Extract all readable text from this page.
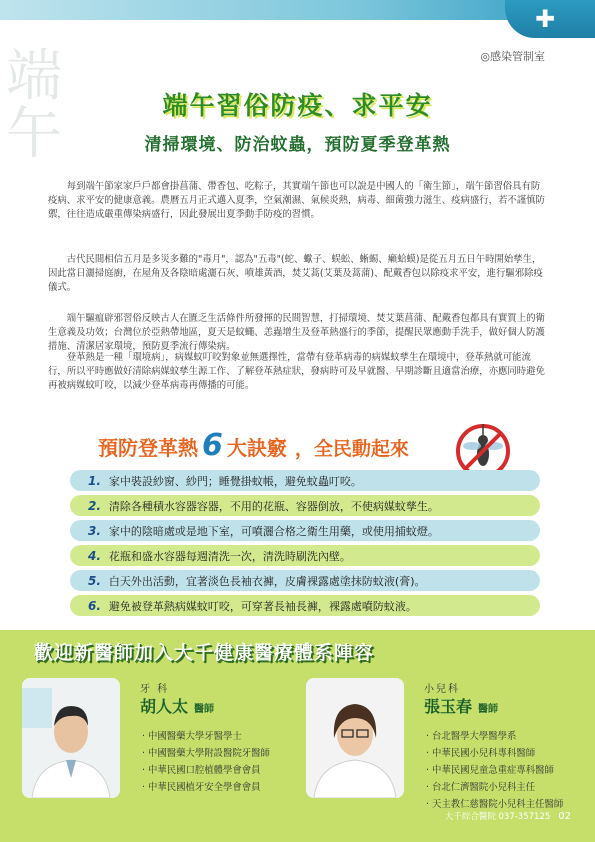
✚
端午
◎感染管制室
端午習俗防疫、求平安
清掃環境、防治蚊蟲，預防夏季登革熱

每到端午節家家戶戶都會掛菖蒲、帶香包、吃粽子，其實端午節也可以說是中國人的「衛生節」，端午節習俗具有防疫病、求平安的健康意義。農曆五月正式邁入夏季，空氣潮濕、氣候炎熱，病毒、細菌強力滋生、疫病盛行，若不謹慎防禦，往往造成嚴重傳染病盛行，因此發展出夏季動手防疫的習慣。

古代民間相信五月是多災多難的"毒月"，認為"五毒"(蛇、蠍子、蜈蚣、蜥蜴、癩蛤蟆)是從五月五日午時開始孳生，因此當日灑掃庭廚，在屋角及各陰暗處灑石灰、噴雄黃酒，焚艾蒿(艾葉及蒿蒲)、配戴香包以除疫求平安，進行驅邪除疫儀式。

端午驅瘟辟邪習俗反映古人在匱乏生活條件所發揮的民間智慧，打掃環境、焚艾葉菖蒲、配戴香包都具有實質上的衛生意義及功效；台灣位於亞熱帶地區，夏天是蚊蠅、恙蟲增生及登革熱盛行的季節，提醒民眾應動手洗手，做好個人防護措施、清潔居家環境，預防夏季流行傳染病。

登革熱是一種「環境病」，病媒蚊叮咬對象並無選擇性，當帶有登革病毒的病媒蚊孳生在環境中，登革熱就可能流行，所以平時應做好清除病媒蚊孳生源工作、了解登革熱症狀，發病時可及早就醫、早期診斷且適當治療，亦應同時避免再被病媒蚊叮咬，以減少登革病毒再傳播的可能。

預防登革熱 6 大訣竅 ，全民動起來
1. 家中裝設紗窗、紗門；睡覺掛蚊帳，避免蚊蟲叮咬。
2. 清除各種積水容器容器，不用的花瓶、容器倒放，不使病媒蚊孳生。
3. 家中的陰暗處或是地下室，可噴灑合格之衛生用藥，或使用捕蚊燈。
4. 花瓶和盛水容器每週清洗一次，清洗時刷洗內壁。
5. 白天外出活動，宜著淡色長袖衣褲，皮膚裸露處塗抹防蚊液(膏)。
6. 避免被登革熱病媒蚊叮咬，可穿著長袖長褲，裸露處噴防蚊液。
歡迎新醫師加入大千健康醫療體系陣容
牙 科
胡人太 醫師
· 中國醫藥大學牙醫學士
· 中國醫藥大學附設醫院牙醫師
· 中華民國口腔植體學會會員
· 中華民國植牙安全學會會員
小兒科
張玉春 醫師
· 台北醫學大學醫學系
· 中華民國小兒科專科醫師
· 中華民國兒童急重症專科醫師
· 台北仁濟醫院小兒科主任
· 天主教仁慈醫院小兒科主任醫師
大千綜合醫院 037-357125 02
